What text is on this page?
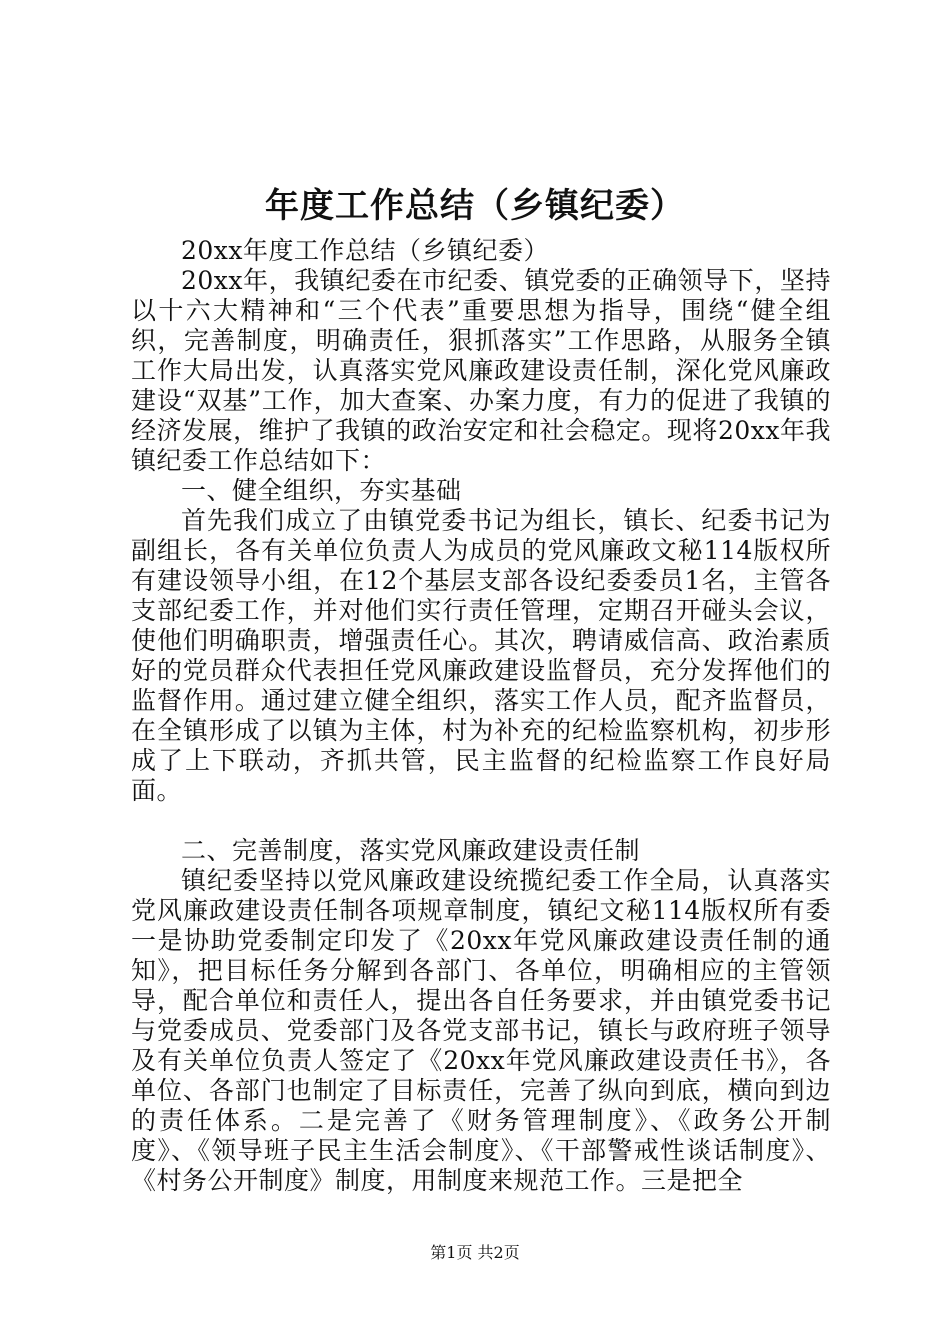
年度工作总结（乡镇纪委）

20xx年度工作总结（乡镇纪委）

20xx年，我镇纪委在市纪委、镇党委的正确领导下，坚持以十六大精神和“三个代表”重要思想为指导，围绕“健全组织，完善制度，明确责任，狠抓落实”工作思路，从服务全镇工作大局出发，认真落实党风廉政建设责任制，深化党风廉政建设“双基”工作，加大查案、办案力度，有力的促进了我镇的经济发展，维护了我镇的政治安定和社会稳定。现将20xx年我镇纪委工作总结如下：

一、健全组织，夯实基础

首先我们成立了由镇党委书记为组长，镇长、纪委书记为副组长，各有关单位负责人为成员的党风廉政文秘114版权所有建设领导小组，在12个基层支部各设纪委委员1名，主管各支部纪委工作，并对他们实行责任管理，定期召开碰头会议，使他们明确职责，增强责任心。其次，聘请威信高、政治素质好的党员群众代表担任党风廉政建设监督员，充分发挥他们的监督作用。通过建立健全组织，落实工作人员，配齐监督员，在全镇形成了以镇为主体，村为补充的纪检监察机构，初步形成了上下联动，齐抓共管，民主监督的纪检监察工作良好局面。

二、完善制度，落实党风廉政建设责任制

镇纪委坚持以党风廉政建设统揽纪委工作全局，认真落实党风廉政建设责任制各项规章制度，镇纪文秘114版权所有委一是协助党委制定印发了《20xx年党风廉政建设责任制的通知》，把目标任务分解到各部门、各单位，明确相应的主管领导，配合单位和责任人，提出各自任务要求，并由镇党委书记与党委成员、党委部门及各党支部书记，镇长与政府班子领导及有关单位负责人签定了《20xx年党风廉政建设责任书》，各单位、各部门也制定了目标责任，完善了纵向到底，横向到边的责任体系。二是完善了《财务管理制度》、《政务公开制度》、《领导班子民主生活会制度》、《干部警戒性谈话制度》、《村务公开制度》制度，用制度来规范工作。三是把全

第1页 共2页
